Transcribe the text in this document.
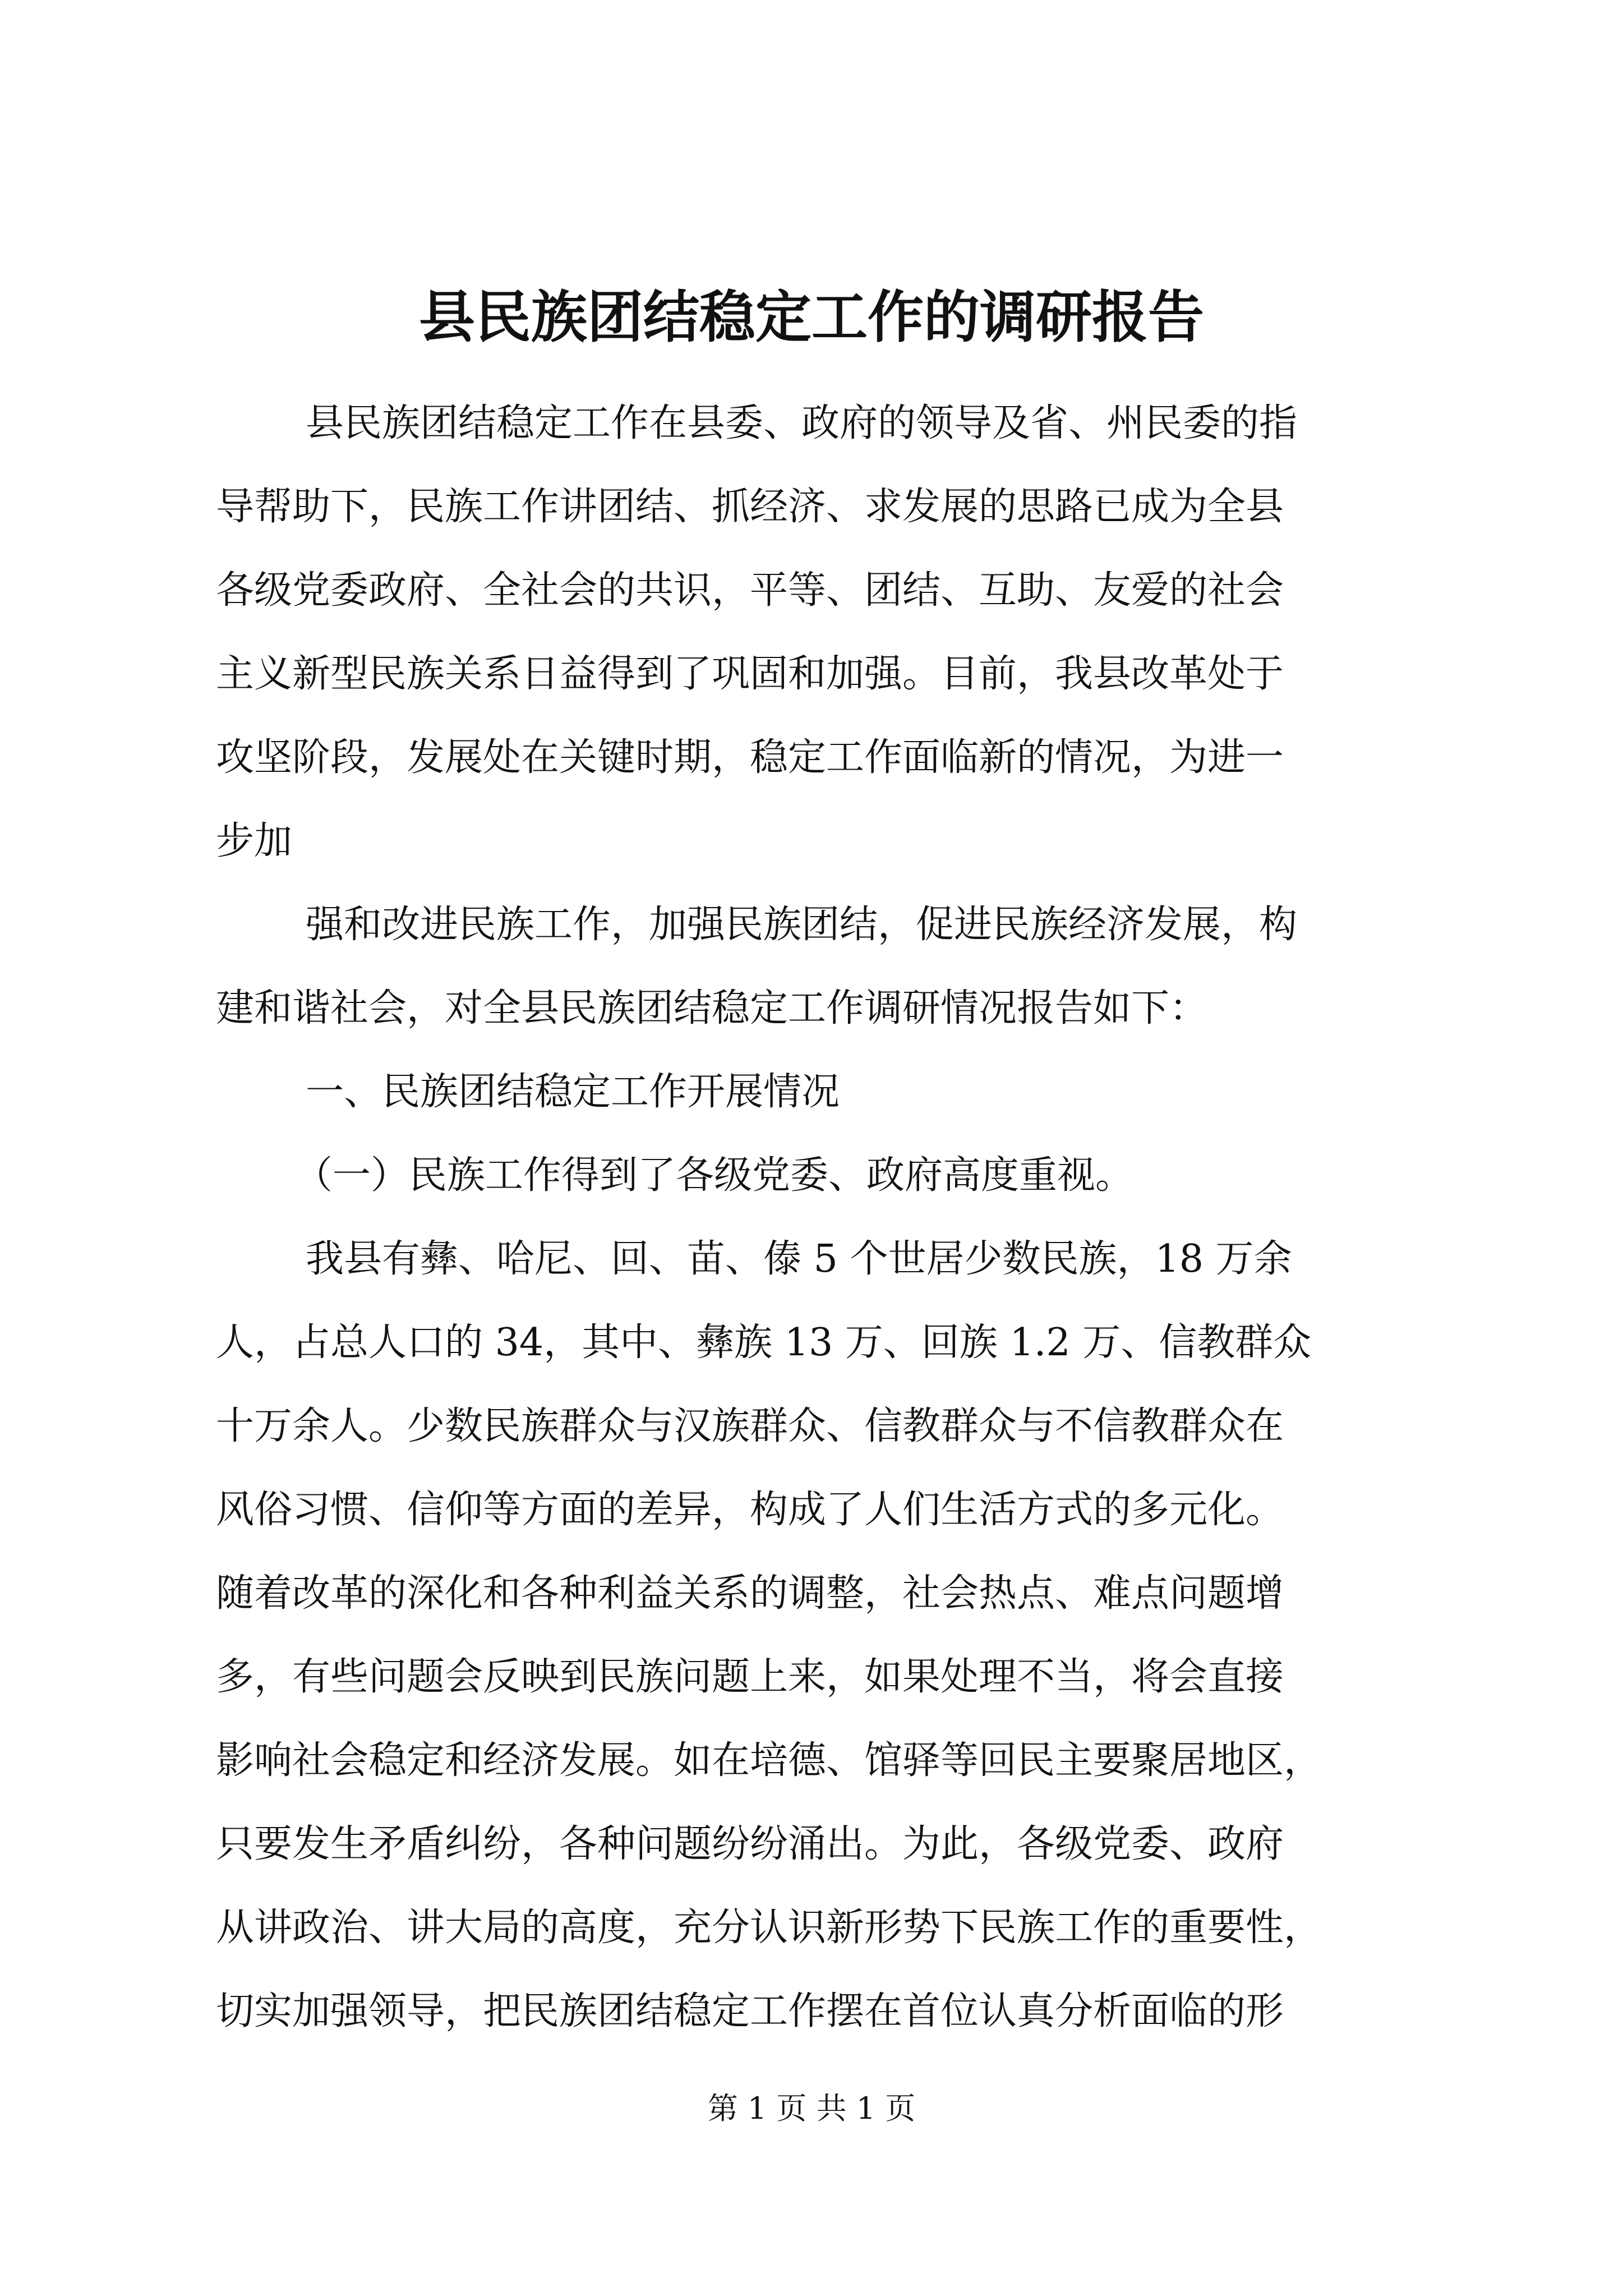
县民族团结稳定工作的调研报告
县民族团结稳定工作在县委、政府的领导及省、州民委的指
导帮助下，民族工作讲团结、抓经济、求发展的思路已成为全县
各级党委政府、全社会的共识，平等、团结、互助、友爱的社会
主义新型民族关系日益得到了巩固和加强。目前，我县改革处于
攻坚阶段，发展处在关键时期，稳定工作面临新的情况，为进一
步加
强和改进民族工作，加强民族团结，促进民族经济发展，构
建和谐社会，对全县民族团结稳定工作调研情况报告如下：
一、民族团结稳定工作开展情况
（一）民族工作得到了各级党委、政府高度重视。
我县有彝、哈尼、回、苗、傣 5 个世居少数民族，18 万余
人，占总人口的 34，其中、彝族 13 万、回族 1.2 万、信教群众
十万余人。少数民族群众与汉族群众、信教群众与不信教群众在
风俗习惯、信仰等方面的差异，构成了人们生活方式的多元化。
随着改革的深化和各种利益关系的调整，社会热点、难点问题增
多，有些问题会反映到民族问题上来，如果处理不当，将会直接
影响社会稳定和经济发展。如在培德、馆驿等回民主要聚居地区，
只要发生矛盾纠纷，各种问题纷纷涌出。为此，各级党委、政府
从讲政治、讲大局的高度，充分认识新形势下民族工作的重要性，
切实加强领导，把民族团结稳定工作摆在首位认真分析面临的形
第 1 页 共 1 页
